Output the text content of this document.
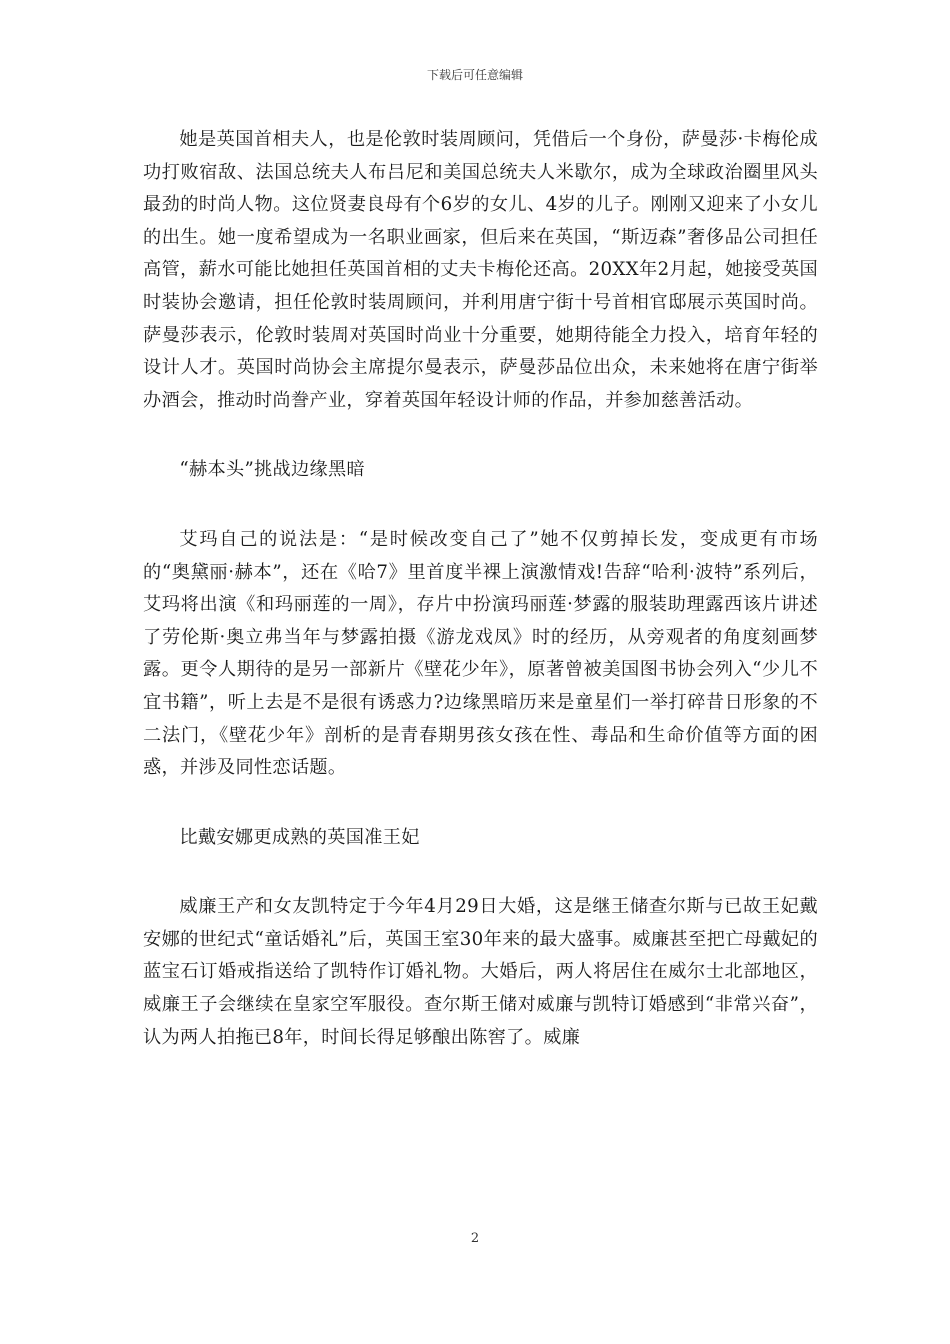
下载后可任意编辑

她是英国首相夫人，也是伦敦时装周顾问，凭借后一个身份，萨曼莎·卡梅伦成功打败宿敌、法国总统夫人布吕尼和美国总统夫人米歇尔，成为全球政治圈里风头最劲的时尚人物。这位贤妻良母有个6岁的女儿、4岁的儿子。刚刚又迎来了小女儿的出生。她一度希望成为一名职业画家，但后来在英国，“斯迈森”奢侈品公司担任高管，薪水可能比她担任英国首相的丈夫卡梅伦还高。20XX年2月起，她接受英国时装协会邀请，担任伦敦时装周顾问，并利用唐宁街十号首相官邸展示英国时尚。萨曼莎表示，伦敦时装周对英国时尚业十分重要，她期待能全力投入，培育年轻的设计人才。英国时尚协会主席提尔曼表示，萨曼莎品位出众，未来她将在唐宁街举办酒会，推动时尚誊产业，穿着英国年轻设计师的作品，并参加慈善活动。

“赫本头”挑战边缘黑暗

艾玛自己的说法是：“是时候改变自己了”她不仅剪掉长发，变成更有市场的“奥黛丽·赫本”，还在《哈7》里首度半裸上演激情戏!告辞“哈利·波特”系列后，艾玛将出演《和玛丽莲的一周》，存片中扮演玛丽莲·梦露的服装助理露西该片讲述了劳伦斯·奥立弗当年与梦露拍摄《游龙戏凤》时的经历，从旁观者的角度刻画梦露。更令人期待的是另一部新片《壁花少年》，原著曾被美国图书协会列入“少儿不宜书籍”，听上去是不是很有诱惑力?边缘黑暗历来是童星们一举打碎昔日形象的不二法门，《壁花少年》剖析的是青春期男孩女孩在性、毒品和生命价值等方面的困惑，并涉及同性恋话题。

比戴安娜更成熟的英国准王妃

威廉王产和女友凯特定于今年4月29日大婚，这是继王储查尔斯与已故王妃戴安娜的世纪式“童话婚礼”后，英国王室30年来的最大盛事。威廉甚至把亡母戴妃的蓝宝石订婚戒指送给了凯特作订婚礼物。大婚后，两人将居住在威尔士北部地区，威廉王子会继续在皇家空军服役。查尔斯王储对威廉与凯特订婚感到“非常兴奋”，认为两人拍拖已8年，时间长得足够酿出陈窖了。威廉

2
